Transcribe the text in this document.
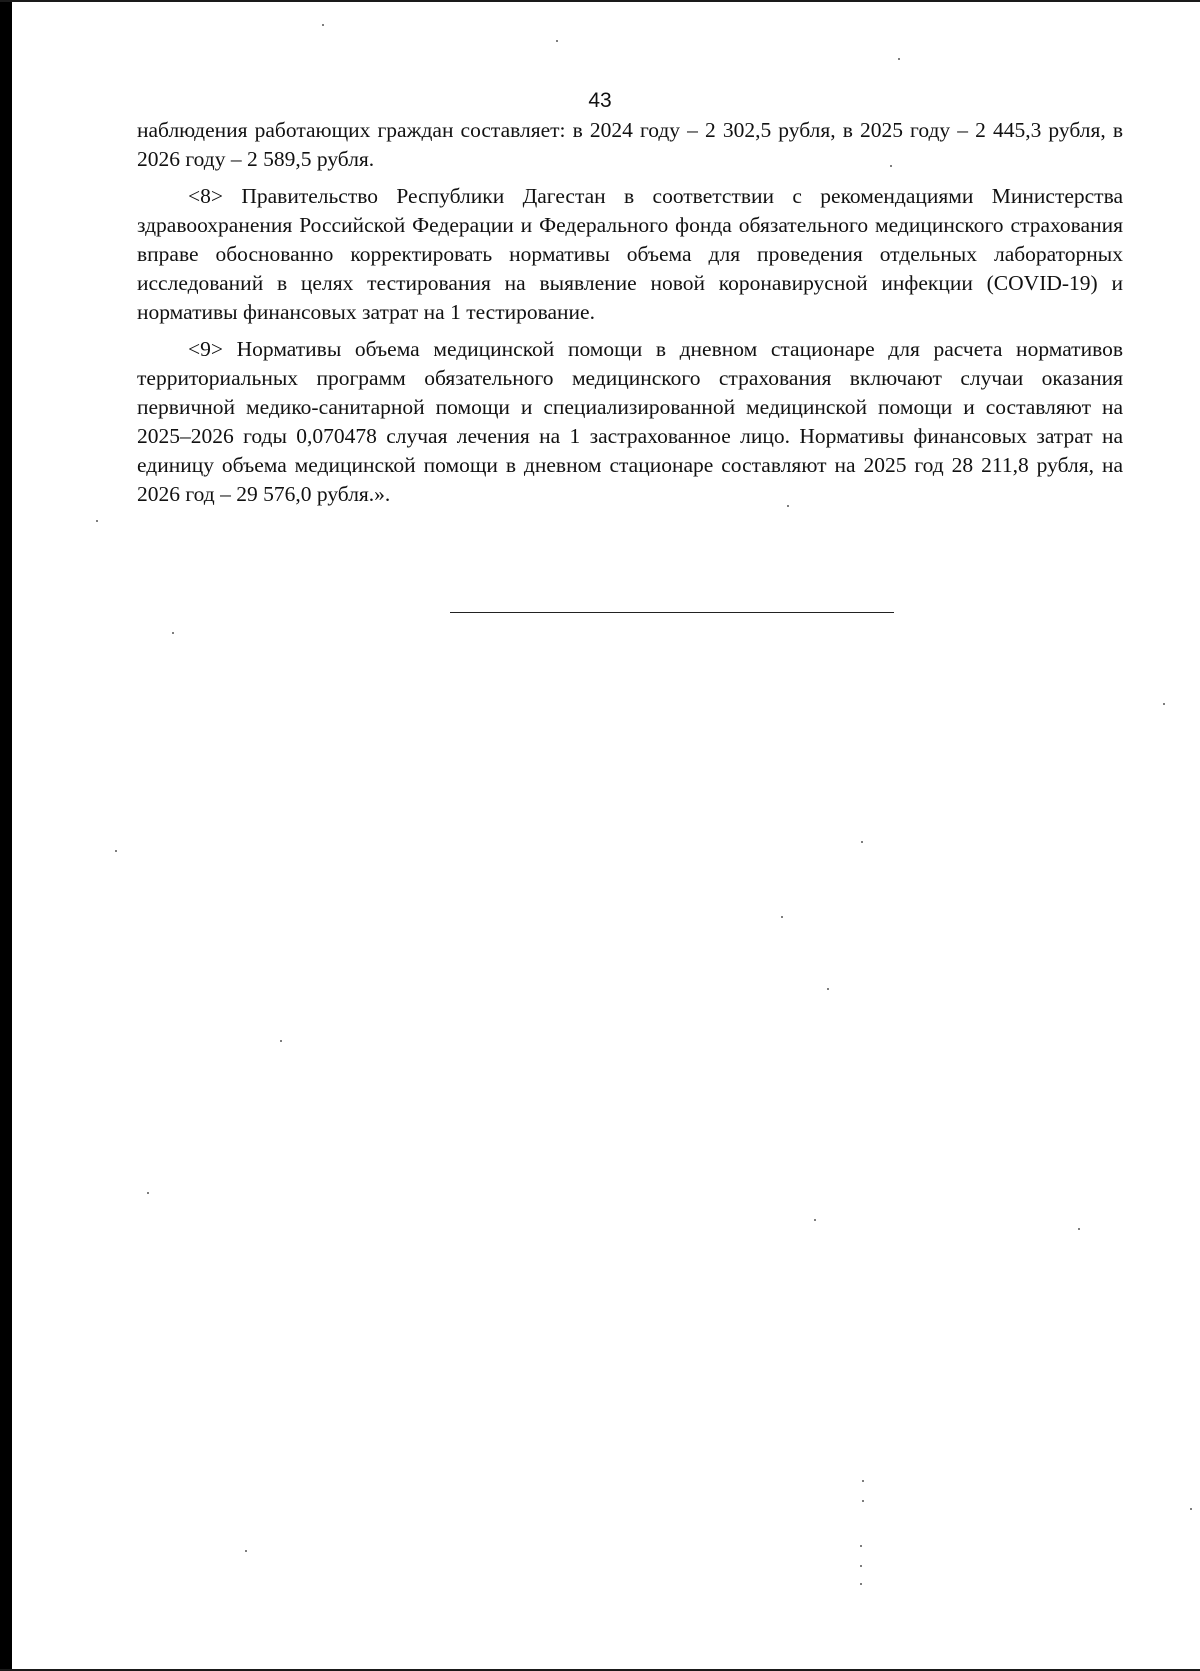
43

наблюдения работающих граждан составляет: в 2024 году – 2 302,5 рубля, в 2025 году – 2 445,3 рубля, в 2026 году – 2 589,5 рубля.

<8> Правительство Республики Дагестан в соответствии с рекомендациями Министерства здравоохранения Российской Федерации и Федерального фонда обязательного медицинского страхования вправе обоснованно корректировать нормативы объема для проведения отдельных лабораторных исследований в целях тестирования на выявление новой коронавирусной инфекции (COVID-19) и нормативы финансовых затрат на 1 тестирование.

<9> Нормативы объема медицинской помощи в дневном стационаре для расчета нормативов территориальных программ обязательного медицинского страхования включают случаи оказания первичной медико-санитарной помощи и специализированной медицинской помощи и составляют на 2025–2026 годы 0,070478 случая лечения на 1 застрахованное лицо. Нормативы финансовых затрат на единицу объема медицинской помощи в дневном стационаре составляют на 2025 год 28 211,8 рубля, на 2026 год – 29 576,0 рубля.».
